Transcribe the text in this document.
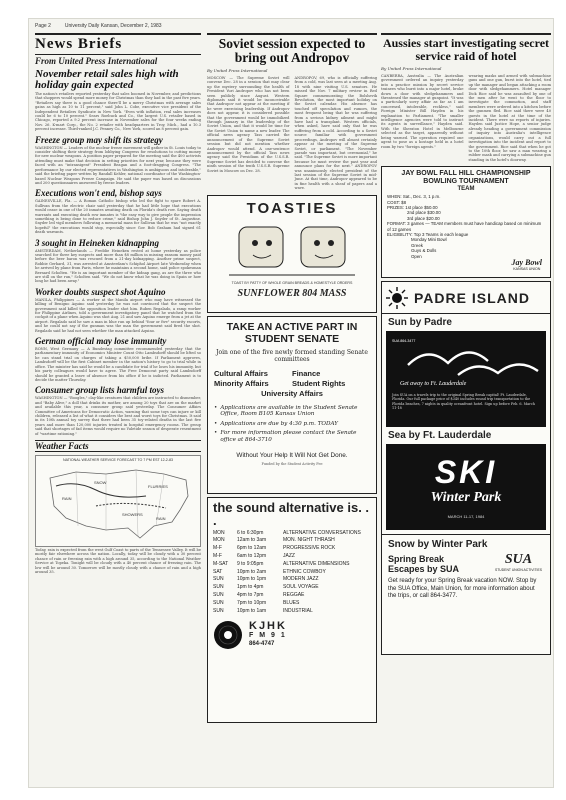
Page 2	University Daily Kansan, December 2, 1983
News Briefs
From United Press International
November retail sales high with holiday gain expected
The nation's retailers reported yesterday that sales boomed in November, and predictions that shoppers would spend more money for Christmas than they had in the past five years. "Retailers say there is a good chance there'll be a merry Christmas with average sales gains as high as 10 to 11 percent," said John L. Cobe, executive vice president of the Independent Retailers Syndicate in New York. "Even with inflation, real sales increases could be 6 to 10 percent." Sears Roebuck and Co., the largest U.S. retailer based in Chicago, reported a 9.2 percent increase in November sales for the four weeks ending Nov. 26. K-mart Corp., the No. 2 retailer with headquarters in Troy, Mich., had a 10.3 percent increase. Third-ranked J.C. Penney Co., New York, scored an 8 percent gain.
Freeze group may shift its strategy
WASHINGTON — Leaders of the nuclear freeze movement will gather in St. Louis today to consider shifting their strategy from lobbying Congress for resolutions to cutting money for new nuclear weapons. A position paper prepared for the meeting said the 400 activists attending must make that decision in setting priorities for next year, because they were faced with an "intransigent" President Reagan and a foot-dragging Congress. "The performance by our elected representatives in Washington is ambiguous and intolerable," said the briefing paper written by Randall Kehler, national coordinator of the Washington-based Nuclear Weapons Freeze Campaign. He said the paper was based on discussions and 200 questionnaires answered by freeze leaders.
Executions won't end, bishop says
GAINESVILLE, Fla. — A Roman Catholic bishop who led the fight to spare Robert A. Sullivan from the electric chair said yesterday that he had little hope that executions would cease in one of the 20 inmates awaiting death on Florida's death row. Saying death warrants and executing death row inmates is "the easy way to give people the impression something is being done to reduce crime," said Bishop John J. Snyder of St. Augustine. Snyder led vigil members following a memorial mass for Sullivan that he was "not exactly hopeful" the executions would stop, especially since Gov. Bob Graham had signed 61 death warrants.
3 sought in Heineken kidnapping
AMSTERDAM, Netherlands — Freddie Heineken rested at home yesterday as police searched for three key suspects and more than $8 million in missing ransom money paid before the beer baron was rescued from a 21-day kidnapping. Another prime suspect, Robbie Gerhard, 31, was arrested at Amsterdam's Schiphol Airport late Wednesday when he arrived by plane from Paris, where he maintains a second home, said police spokesman Bernard Scholten. "He is an important member of the kidnap gang, as are the three who are still on the run," Scholten said. "We do not know what he was doing in Spain or how long he had been away."
Worker doubts suspect shot Aquino
MANILA, Philippines — A worker at the Manila airport who may have witnessed the killing of Benigno Aquino said yesterday he was not convinced that the suspect the government said killed the opposition leader shot him. Ruben Regalado, a ramp worker for Philippine Airlines, told a government investigatory panel that he watched from the cockpit of a plane when Aquino was shot Aug. 21 and saw Aquino emerge from a jet at the airport. Regalado said he saw a man in blue run up behind "four or five" security escorts, and he could not say if the gunman was the man the government said fired the shot. Regalado said he had not seen whether the man attacked Aquino.
German official may lose immunity
BONN, West Germany — A Bundestag committee recommended yesterday that the parliamentary immunity of Economics Minister Count Otto Lambsdorff should be lifted so he can stand trial on charges of taking a $50,000 bribe. If Parliament approves, Lambsdorff will be the first Cabinet member in the nation's history to go to trial while in office. The minister has said he would be a candidate for trial if he loses his immunity, but his party colleagues would have to agree. The Free Democrat party said Lambsdorff should be granted a leave of absence from his office if he is indicted. Parliament is to decide the matter Thursday.
Consumer group lists harmful toys
WASHINGTON — "Boogles," clay-like creatures that children are instructed to dismember, and "Baby Alive," a doll that drinks its mother, are among 20 toys that are on the market and available this year, a consumer group said yesterday. The Consumer Affairs Committee of Americans for Democratic Action, warning that some toys can injure or kill children, released a list of what it considers the best and worst toys for Christmas. It said in its 10th annual toy survey that there had been 35 toy-related deaths in the last five years and more than 120,000 injuries treated in hospital emergency rooms. The group said that shortages of fad items would require no Yuletide season of desperate resentment of "wartime rationing."
Weather Facts
NATIONAL WEATHER SERVICE FORECAST TO 7 PM EST 12-2-83
RAIN
SNOW
SHOWERS
FLURRIES
RAIN
Today, rain is expected from the west Gulf Coast to parts of the Tennessee Valley. It will be mostly fair elsewhere across the nation. Locally, today will be cloudy with a 30 percent chance of rain or freezing rain with a high around 35, according to the National Weather Service at Topeka. Tonight will be cloudy with a 40 percent chance of freezing rain. The low will be around 30. Tomorrow will be mostly cloudy with a chance of rain and a high around 35.
Soviet session expected to bring out Andropov
By United Press International
MOSCOW — The Supreme Soviet will convene Dec. 28 in a session that may clear up the mystery surrounding the health of President Yuri Andropov who has not been seen publicly since August. Western diplomats said it would be inconceivable that Andropov not appear at the meeting if he were exercising leadership. If Andropov does not appear, it is considered possible that the government would be immobilized through January in the leadership of the Soviet Union, and that it would be time for the Soviet Union to name a new leader. The official news agency Tass carried the announcement of the Supreme Soviet session but did not mention whether Andropov would attend. A one-sentence announcement by the official Tass news agency said the Presidium of the U.S.S.R. Supreme Soviet has decided to convene the ninth session of the tenth U.S.S.R. Supreme Soviet in Moscow on Dec. 28.
ANDROPOV, 69, who is officially suffering from a cold, was last seen at a meeting Aug. 18 with nine visiting U.S. senators. He missed the Nov. 7 military review in Red Square commemorating the Bolshevik Revolution, the most important holiday on the Soviet calendar. His absence has touched off speculation and rumors, the most frequent being that he was suffering from a serious kidney ailment and might have had a transplant. Western officials, when asked, have said only that he was suffering from a cold. According to a Soviet source familiar with government proceedings, Andropov will almost certainly appear at the meeting of the Supreme Soviet, or parliament. "The November parade was important, but ceremonial," he said. "The Supreme Soviet is more important because he must review the past year and announce plans for the next." ANDROPOV was unanimously elected president of the last session of the Supreme Soviet in mid-June. At that time, Andropov appeared to be in fine health with a sheaf of papers and a wave.
TOASTIES
TOAST BY PATTY OF WHOLE GRAIN BREADS & HOMESTYLE ORDERS
SUNFLOWER 804 MASS
TAKE AN ACTIVE PART IN STUDENT SENATE
Join one of the five newly formed standing Senate committees
Cultural Affairs	Finance
Minority Affairs	Student Rights
University Affairs
• Applications are available in the Student Senate Office, Room B105 Kansas Union
• Applications are due by 4:30 p.m. TODAY
• For more information please contact the Senate office at 864-3710
Without Your Help It Will Not Get Done.
Funded by the Student Activity Fee
the sound alternative is. . .
MON	6 to 6:30pm	ALTERNATIVE CONVERSATIONS
MON	12am to 3am	MON. NIGHT THRASH
M-F	6pm to 12am	PROGRESSIVE ROCK
M-F	6am to 12pm	JAZZ
M-SAT	9 to 9:05pm	ALTERNATIVE DIMENSIONS
SAT	10pm to 2am	ETHNIC COWBOY
SUN	10pm to 1pm	MODERN JAZZ
SUN	1pm to 4pm	SOUL VOYAGE
SUN	4pm to 7pm	REGGAE
SUN	7pm to 10pm	BLUES
SUN	10pm to 1am	INDUSTRIAL
KJHK
F M 9 1
864-4747
Aussies start investigating secret service raid of hotel
By United Press International
CANBERRA, Australia — The Australian government ordered an inquiry yesterday into a practice mission by secret service trainees who burst into a major hotel, broke down a door with sledgehammers and threatened the manager at gunpoint. "It was a particularly sorry affair as far as I am concerned, intolerable, reckless," said Foreign Minister Bill Hayden in his explanation to Parliament. "The smaller intelligence agencies were told to instruct its agents in surveillance," Hayden said. With the Sheraton Hotel in Melbourne selected as the target, apparently without being warned. The operation required one agent to pose as a hostage held in a hotel room by two "foreign agents."
wearing masks and armed with submachine guns and one gun, burst into the hotel, tied up the manager and began attacking a room door with sledgehammers. Hotel manager Dick Rice said he was assaulted by one of the men after he went to the floor to investigate the commotion, and staff members were ordered into a kitchen before the gunmen fled. Rice said there were 40 guests in the hotel at the time of the incident. There were no reports of injuries. Hayden said Justice Hope, a senior judge already heading a government commission of inquiry into Australia's intelligence organizations, would carry out a full investigation into the incident and report to the government. Rice said that when he got to the 10th floor, he saw a man wearing a rubber mask and carrying a submachine gun standing in the hotel's doorway.
JAY BOWL FALL HILL CHAMPIONSHIP BOWLING TOURNAMENT
TEAM
WHEN: Sat., Dec. 3, 1 p.m.
COST: $8
PRIZES: 1st place $50.00
2nd place $30.00
3rd place $20.00
FORMAT: 3 games — TEAM members must have handicap based on minimum of 12 games
ELIGIBILITY: Top 3 Teams in each league
Monday Mini Bowl
Greek
Guys & Dolls
Open
Jay Bowl
KANSAS UNION
PADRE ISLAND
Sun by Padre
SUA 864-3477
Get away to Ft. Lauderdale
Join SUA on a travels trip to the original Spring Break capital! Ft. Lauderdale, Florida. Our full package price of $340 includes round trip transportation to the Florida beaches, 7 nights in quality oceanfront hotel. Sign up before Feb. 6. March 11-18
Sea by Ft. Lauderdale
SKI
Winter Park
MARCH 11-17, 1984
Snow by Winter Park
Spring Break Escapes by SUA
SUA
STUDENT UNION ACTIVITIES
Get ready for your Spring Break vacation NOW. Stop by the SUA Office, Main Union, for more information about the trips, or call 864-3477.
